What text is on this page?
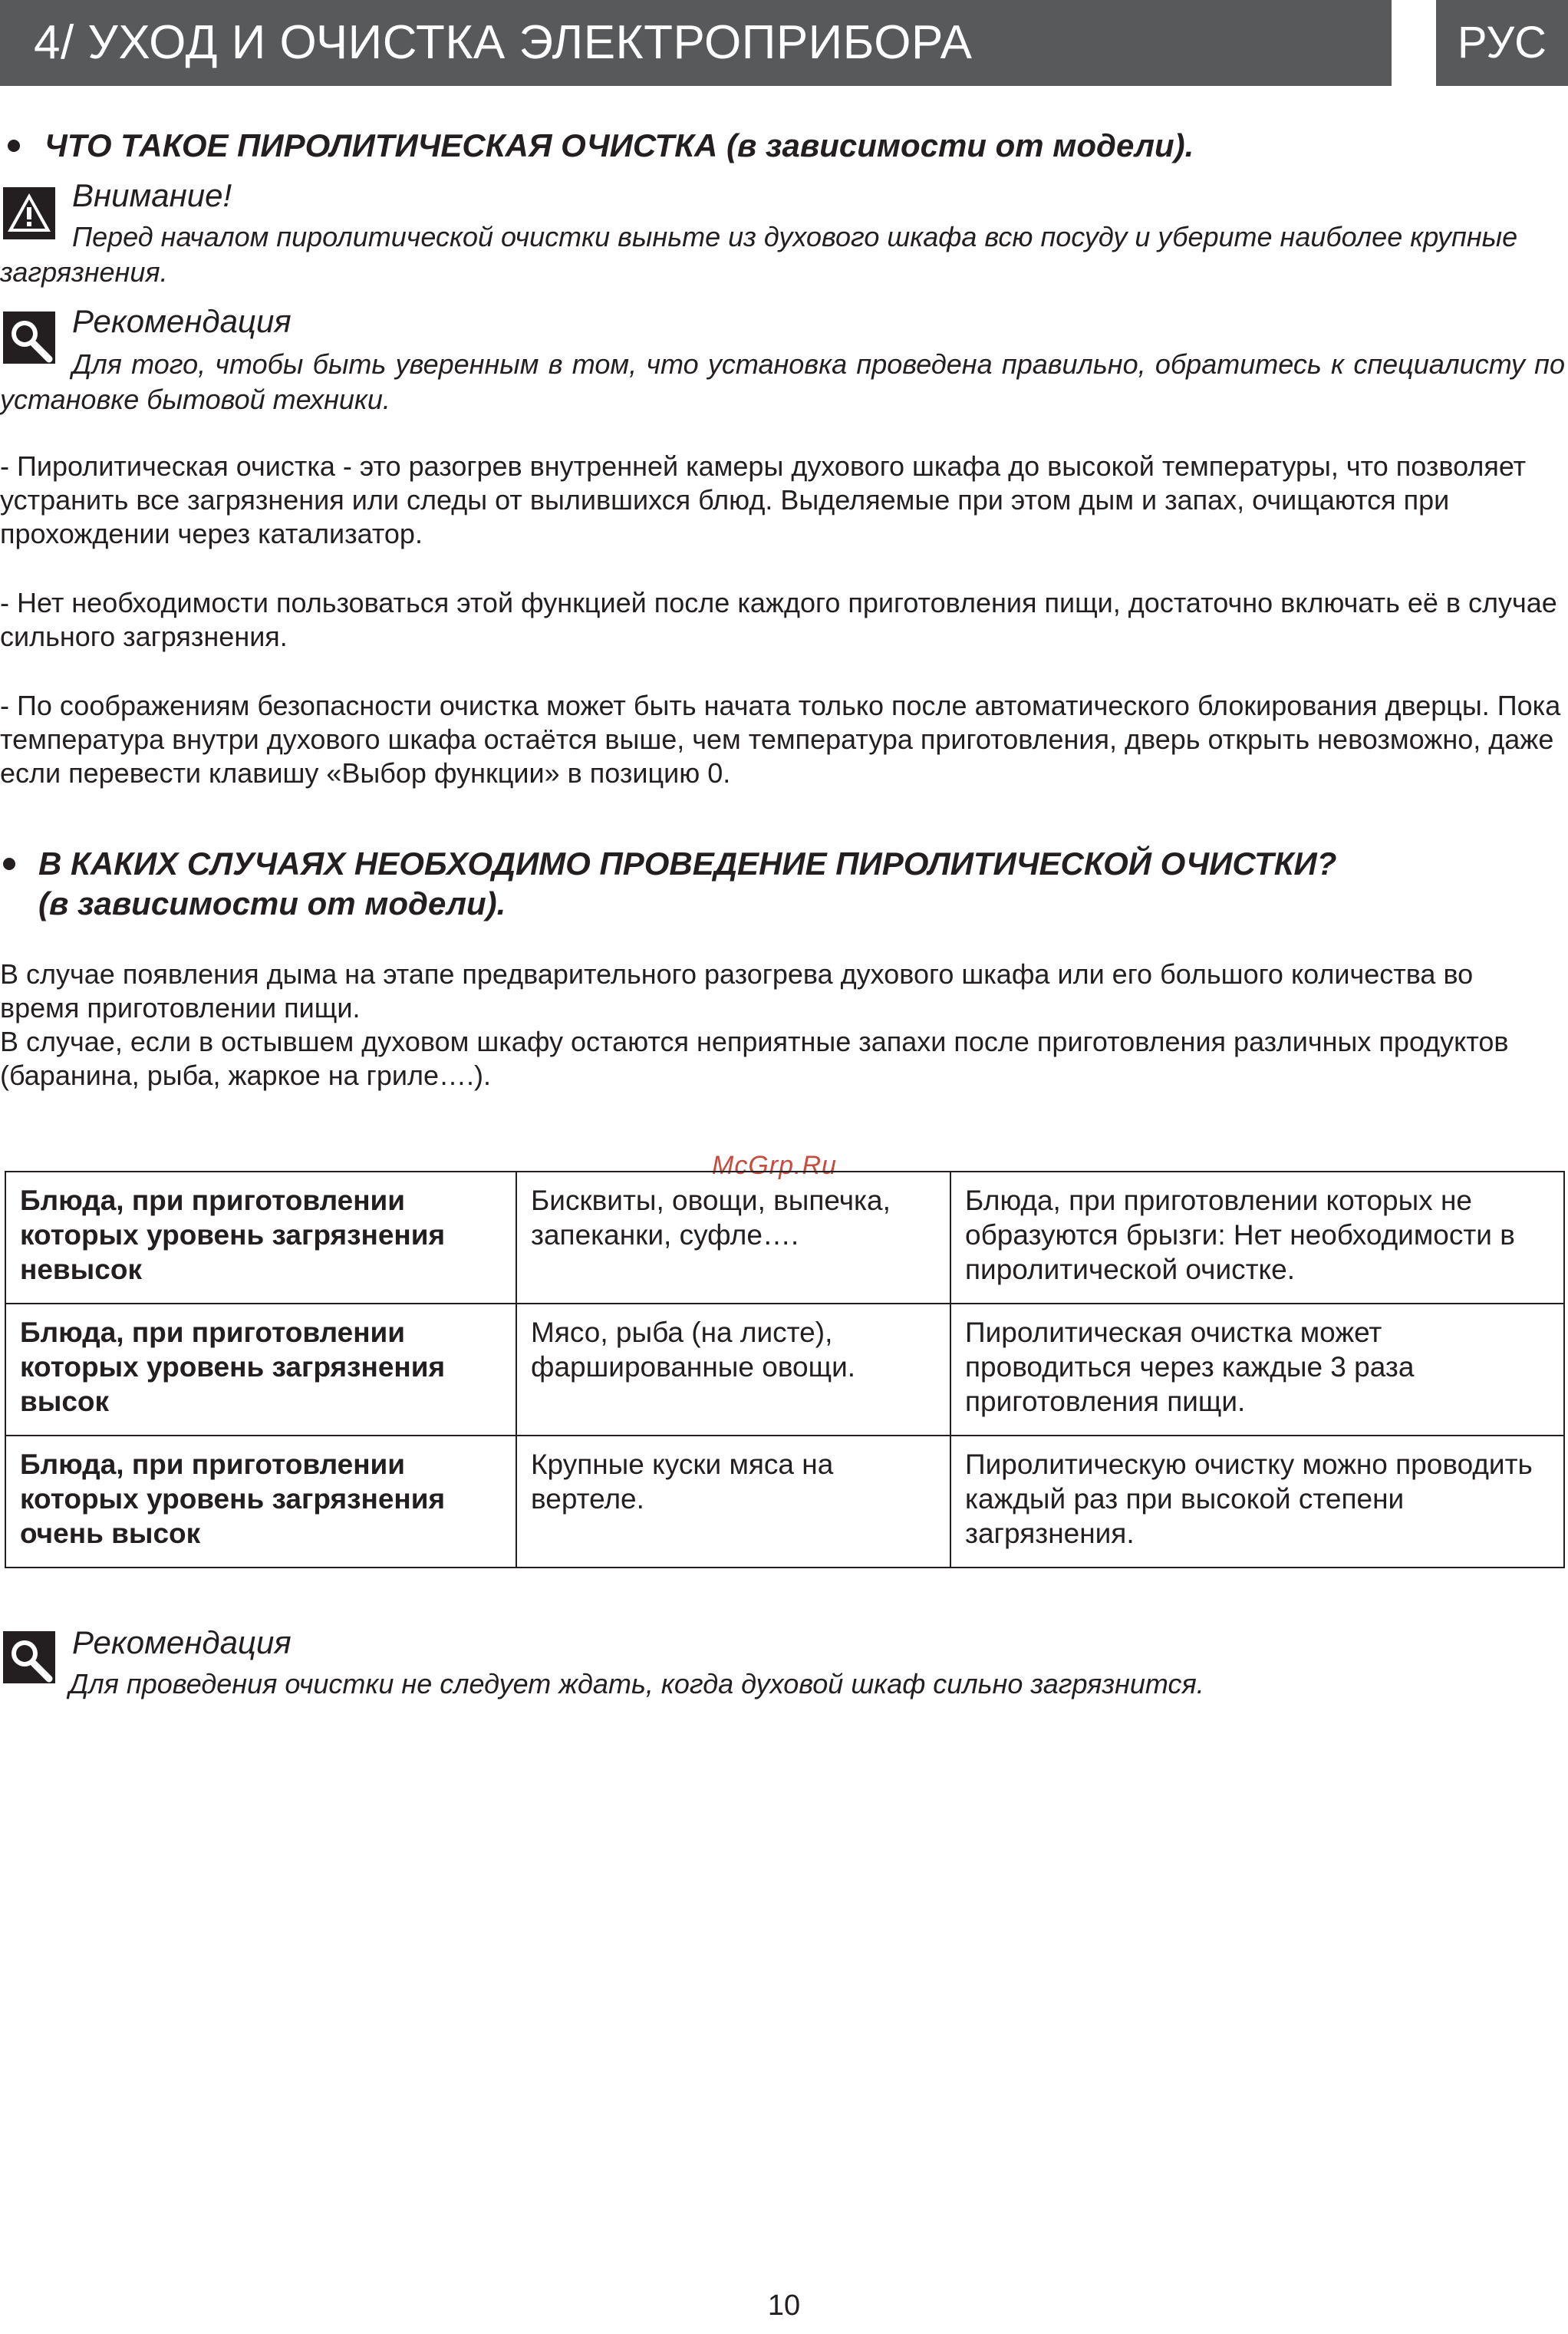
4/ УХОД И ОЧИСТКА ЭЛЕКТРОПРИБОРА	РУС
ЧТО ТАКОЕ ПИРОЛИТИЧЕСКАЯ ОЧИСТКА (в зависимости от модели).
Внимание!
Перед началом пиролитической очистки выньте из духового шкафа всю посуду и уберите наиболее крупные загрязнения.
Рекомендация
Для того, чтобы быть уверенным в том, что установка проведена правильно, обратитесь к специалисту по установке бытовой техники.
- Пиролитическая очистка - это разогрев внутренней камеры духового шкафа до высокой температуры, что позволяет устранить все загрязнения или следы от вылившихся блюд. Выделяемые при этом дым и запах, очищаются при прохождении через катализатор.
- Нет необходимости пользоваться этой функцией после каждого приготовления пищи, достаточно включать её в случае сильного загрязнения.
- По соображениям безопасности очистка может быть начата только после автоматического блокирования дверцы. Пока температура внутри духового шкафа остаётся выше, чем температура приготовления, дверь открыть невозможно, даже если перевести клавишу «Выбор функции» в позицию 0.
В КАКИХ СЛУЧАЯХ НЕОБХОДИМО ПРОВЕДЕНИЕ ПИРОЛИТИЧЕСКОЙ ОЧИСТКИ?
(в зависимости от модели).
В случае появления дыма на этапе предварительного разогрева духового шкафа или его большого количества во время приготовлении пищи.
В случае, если в остывшем духовом шкафу остаются неприятные запахи после приготовления различных продуктов (баранина, рыба, жаркое на гриле….).
McGrp.Ru
Блюда, при приготовлении которых уровень загрязнения невысок	Бисквиты, овощи, выпечка, запеканки, суфле….	Блюда, при приготовлении которых не образуются брызги: Нет необходимости в пиролитической очистке.
Блюда, при приготовлении которых уровень загрязнения высок	Мясо, рыба (на листе), фаршированные овощи.	Пиролитическая очистка может проводиться через каждые 3 раза приготовления пищи.
Блюда, при приготовлении которых уровень загрязнения очень высок	Крупные куски мяса на вертеле.	Пиролитическую очистку можно проводить каждый раз при высокой степени загрязнения.
Рекомендация
Для проведения очистки не следует ждать, когда духовой шкаф сильно загрязнится.
10
